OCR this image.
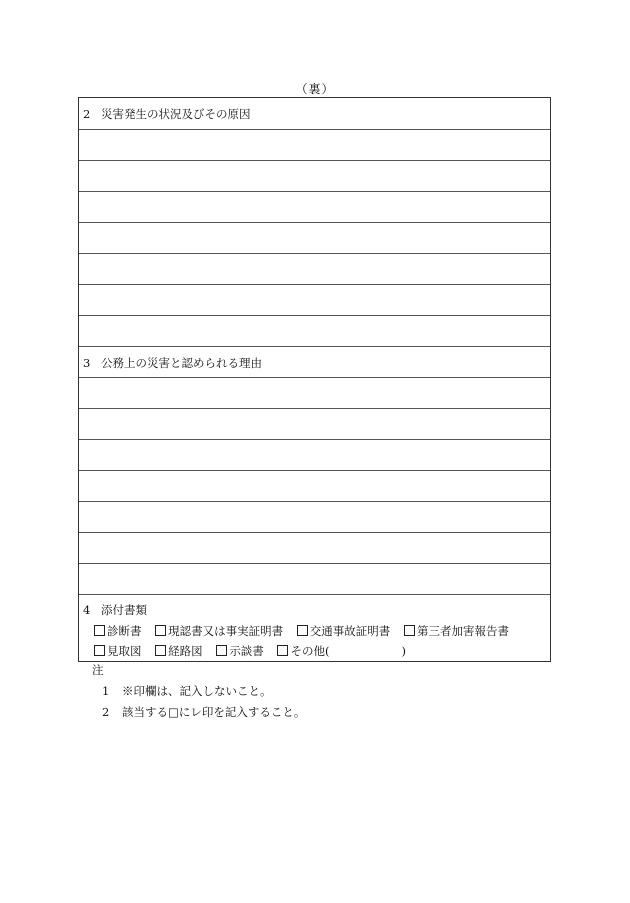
（裏）
2 災害発生の状況及びその原因
3 公務上の災害と認められる理由
4 添付書類
診断書 現認書又は事実証明書 交通事故証明書 第三者加害報告書
見取図 経路図 示談書 その他(	)
注
1 ※印欄は、記入しないこと。
2 該当する□にレ印を記入すること。
